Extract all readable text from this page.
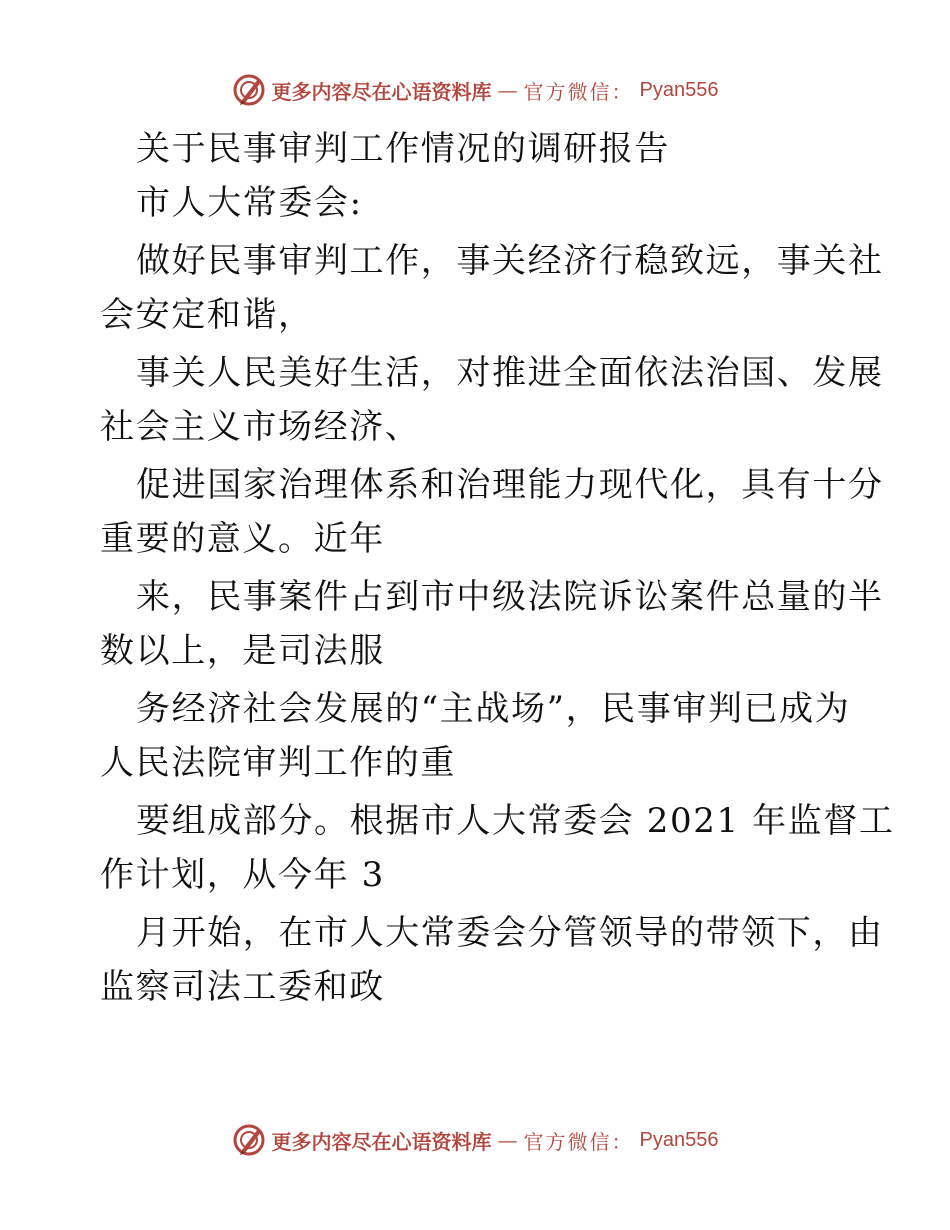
更多内容尽在心语资料库 — 官方微信： Pyan556
关于民事审判工作情况的调研报告
市人大常委会:
做好民事审判工作，事关经济行稳致远，事关社
会安定和谐，
事关人民美好生活，对推进全面依法治国、发展
社会主义市场经济、
促进国家治理体系和治理能力现代化，具有十分
重要的意义。近年
来，民事案件占到市中级法院诉讼案件总量的半
数以上，是司法服
务经济社会发展的“主战场”，民事审判已成为
人民法院审判工作的重
要组成部分。根据市人大常委会 2021 年监督工
作计划，从今年 3
月开始，在市人大常委会分管领导的带领下，由
监察司法工委和政
更多内容尽在心语资料库 — 官方微信： Pyan556
